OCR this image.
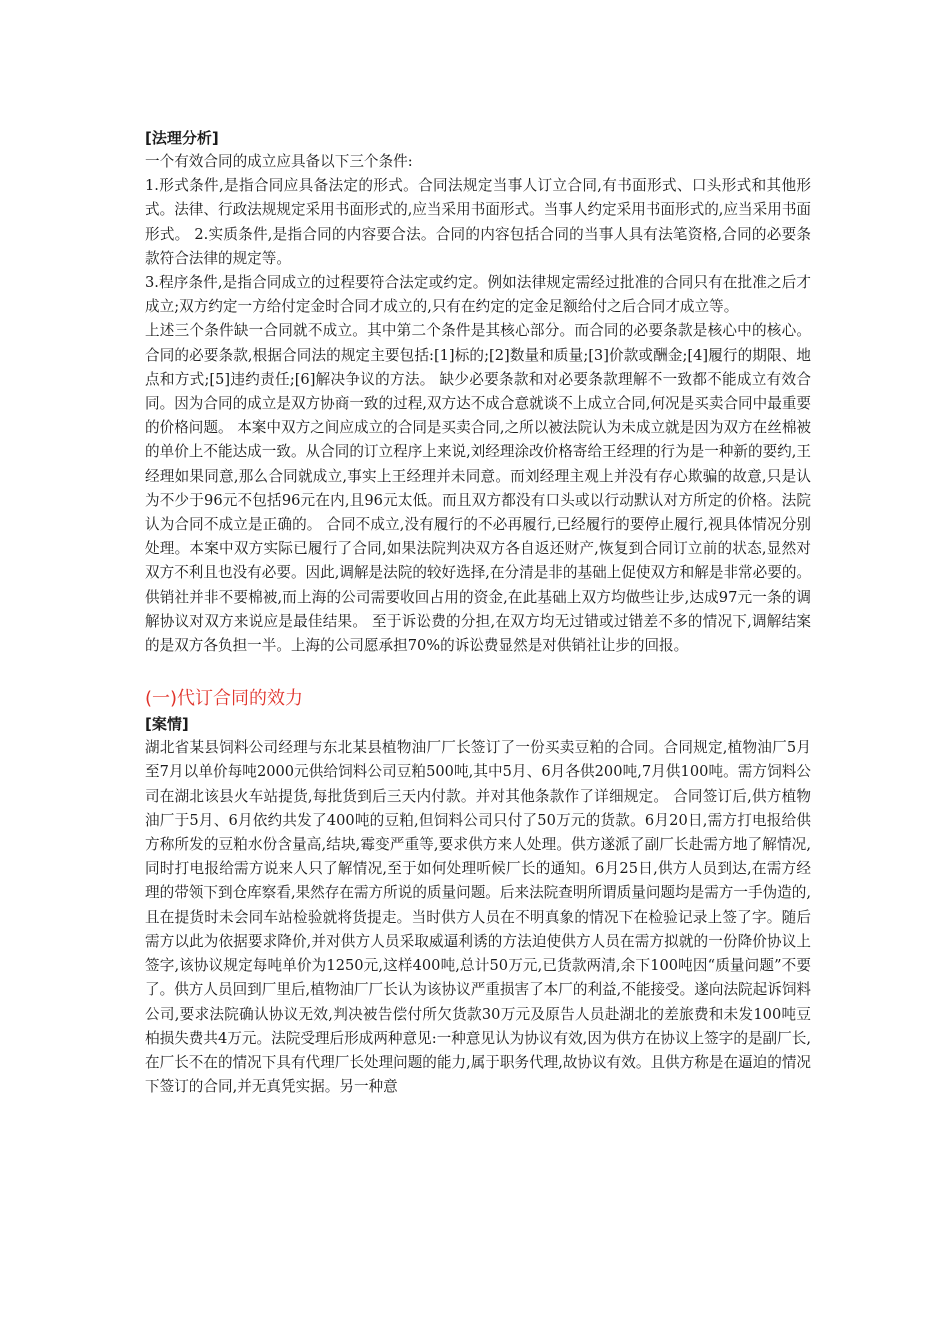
[法理分析]

一个有效合同的成立应具备以下三个条件:

1.形式条件,是指合同应具备法定的形式。合同法规定当事人订立合同,有书面形式、口头形式和其他形式。法律、行政法规规定采用书面形式的,应当采用书面形式。当事人约定采用书面形式的,应当采用书面形式。 2.实质条件,是指合同的内容要合法。合同的内容包括合同的当事人具有法笔资格,合同的必要条款符合法律的规定等。

3.程序条件,是指合同成立的过程要符合法定或约定。例如法律规定需经过批准的合同只有在批准之后才成立;双方约定一方给付定金时合同才成立的,只有在约定的定金足额给付之后合同才成立等。

上述三个条件缺一合同就不成立。其中第二个条件是其核心部分。而合同的必要条款是核心中的核心。合同的必要条款,根据合同法的规定主要包括:[1]标的;[2]数量和质量;[3]价款或酬金;[4]履行的期限、地点和方式;[5]违约责任;[6]解决争议的方法。 缺少必要条款和对必要条款理解不一致都不能成立有效合同。因为合同的成立是双方协商一致的过程,双方达不成合意就谈不上成立合同,何况是买卖合同中最重要的价格问题。 本案中双方之间应成立的合同是买卖合同,之所以被法院认为未成立就是因为双方在丝棉被的单价上不能达成一致。从合同的订立程序上来说,刘经理涂改价格寄给王经理的行为是一种新的要约,王经理如果同意,那么合同就成立,事实上王经理并未同意。而刘经理主观上并没有存心欺骗的故意,只是认为不少于96元不包括96元在内,且96元太低。而且双方都没有口头或以行动默认对方所定的价格。法院认为合同不成立是正确的。 合同不成立,没有履行的不必再履行,已经履行的要停止履行,视具体情况分别处理。本案中双方实际已履行了合同,如果法院判决双方各自返还财产,恢复到合同订立前的状态,显然对双方不利且也没有必要。因此,调解是法院的较好选择,在分清是非的基础上促使双方和解是非常必要的。供销社并非不要棉被,而上海的公司需要收回占用的资金,在此基础上双方均做些让步,达成97元一条的调解协议对双方来说应是最佳结果。 至于诉讼费的分担,在双方均无过错或过错差不多的情况下,调解结案的是双方各负担一半。上海的公司愿承担70%的诉讼费显然是对供销社让步的回报。

(一)代订合同的效力

[案情]

湖北省某县饲料公司经理与东北某县植物油厂厂长签订了一份买卖豆粕的合同。合同规定,植物油厂5月至7月以单价每吨2000元供给饲料公司豆粕500吨,其中5月、6月各供200吨,7月供100吨。需方饲料公司在湖北该县火车站提货,每批货到后三天内付款。并对其他条款作了详细规定。 合同签订后,供方植物油厂于5月、6月依约共发了400吨的豆粕,但饲料公司只付了50万元的货款。6月20日,需方打电报给供方称所发的豆粕水份含量高,结块,霉变严重等,要求供方来人处理。供方遂派了副厂长赴需方地了解情况,同时打电报给需方说来人只了解情况,至于如何处理听候厂长的通知。6月25日,供方人员到达,在需方经理的带领下到仓库察看,果然存在需方所说的质量问题。后来法院查明所谓质量问题均是需方一手伪造的,且在提货时未会同车站检验就将货提走。当时供方人员在不明真象的情况下在检验记录上签了字。随后需方以此为依据要求降价,并对供方人员采取威逼利诱的方法迫使供方人员在需方拟就的一份降价协议上签字,该协议规定每吨单价为1250元,这样400吨,总计50万元,已货款两清,余下100吨因“质量问题”不要了。供方人员回到厂里后,植物油厂厂长认为该协议严重损害了本厂的利益,不能接受。遂向法院起诉饲料公司,要求法院确认协议无效,判决被告偿付所欠货款30万元及原告人员赴湖北的差旅费和未发100吨豆柏损失费共4万元。法院受理后形成两种意见:一种意见认为协议有效,因为供方在协议上签字的是副厂长,在厂长不在的情况下具有代理厂长处理问题的能力,属于职务代理,故协议有效。且供方称是在逼迫的情况下签订的合同,并无真凭实据。另一种意
